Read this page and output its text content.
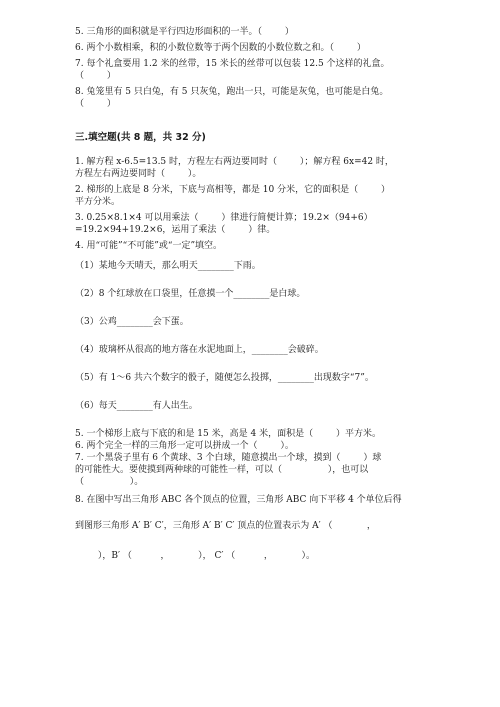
5. 三角形的面积就是平行四边形面积的一半。（        ）

6. 两个小数相乘，积的小数位数等于两个因数的小数位数之和。（        ）

7. 每个礼盒要用 1.2 米的丝带，15 米长的丝带可以包装 12.5 个这样的礼盒。

（        ）

8. 兔笼里有 5 只白兔，有 5 只灰兔，跑出一只，可能是灰兔，也可能是白兔。

（        ）

三.填空题(共 8 题，共 32 分)

1. 解方程 x-6.5=13.5 时，方程左右两边要同时（        ）；解方程 6x=42 时，

方程左右两边要同时（        ）。

2. 梯形的上底是 8 分米，下底与高相等，都是 10 分米，它的面积是（        ）

平方分米。

3. 0.25×8.1×4 可以用乘法（        ）律进行简便计算；19.2×（94+6）

=19.2×94+19.2×6，运用了乘法（        ）律。

4. 用“可能”“不可能”或“一定”填空。

（1）某地今天晴天，那么明天________下雨。

（2）8 个红球放在口袋里，任意摸一个________是白球。

（3）公鸡________会下蛋。

（4）玻璃杯从很高的地方落在水泥地面上，________会破碎。

（5）有 1～6 共六个数字的骰子，随便怎么投掷，________出现数字“7”。

（6）每天________有人出生。

5. 一个梯形上底与下底的和是 15 米，高是 4 米，面积是（        ）平方米。

6. 两个完全一样的三角形一定可以拼成一个（        ）。

7. 一个黑袋子里有 6 个黄球、3 个白球，随意摸出一个球，摸到（        ）球

的可能性大。要使摸到两种球的可能性一样，可以（                ），也可以

（                ）。

8. 在图中写出三角形 ABC 各个顶点的位置，三角形 ABC 向下平移 4 个单位后得

到图形三角形 A′ B′ C′，三角形 A′ B′ C′ 顶点的位置表示为 A′ （            ，

），B′ （          ，          ）， C′ （          ，          ）。
